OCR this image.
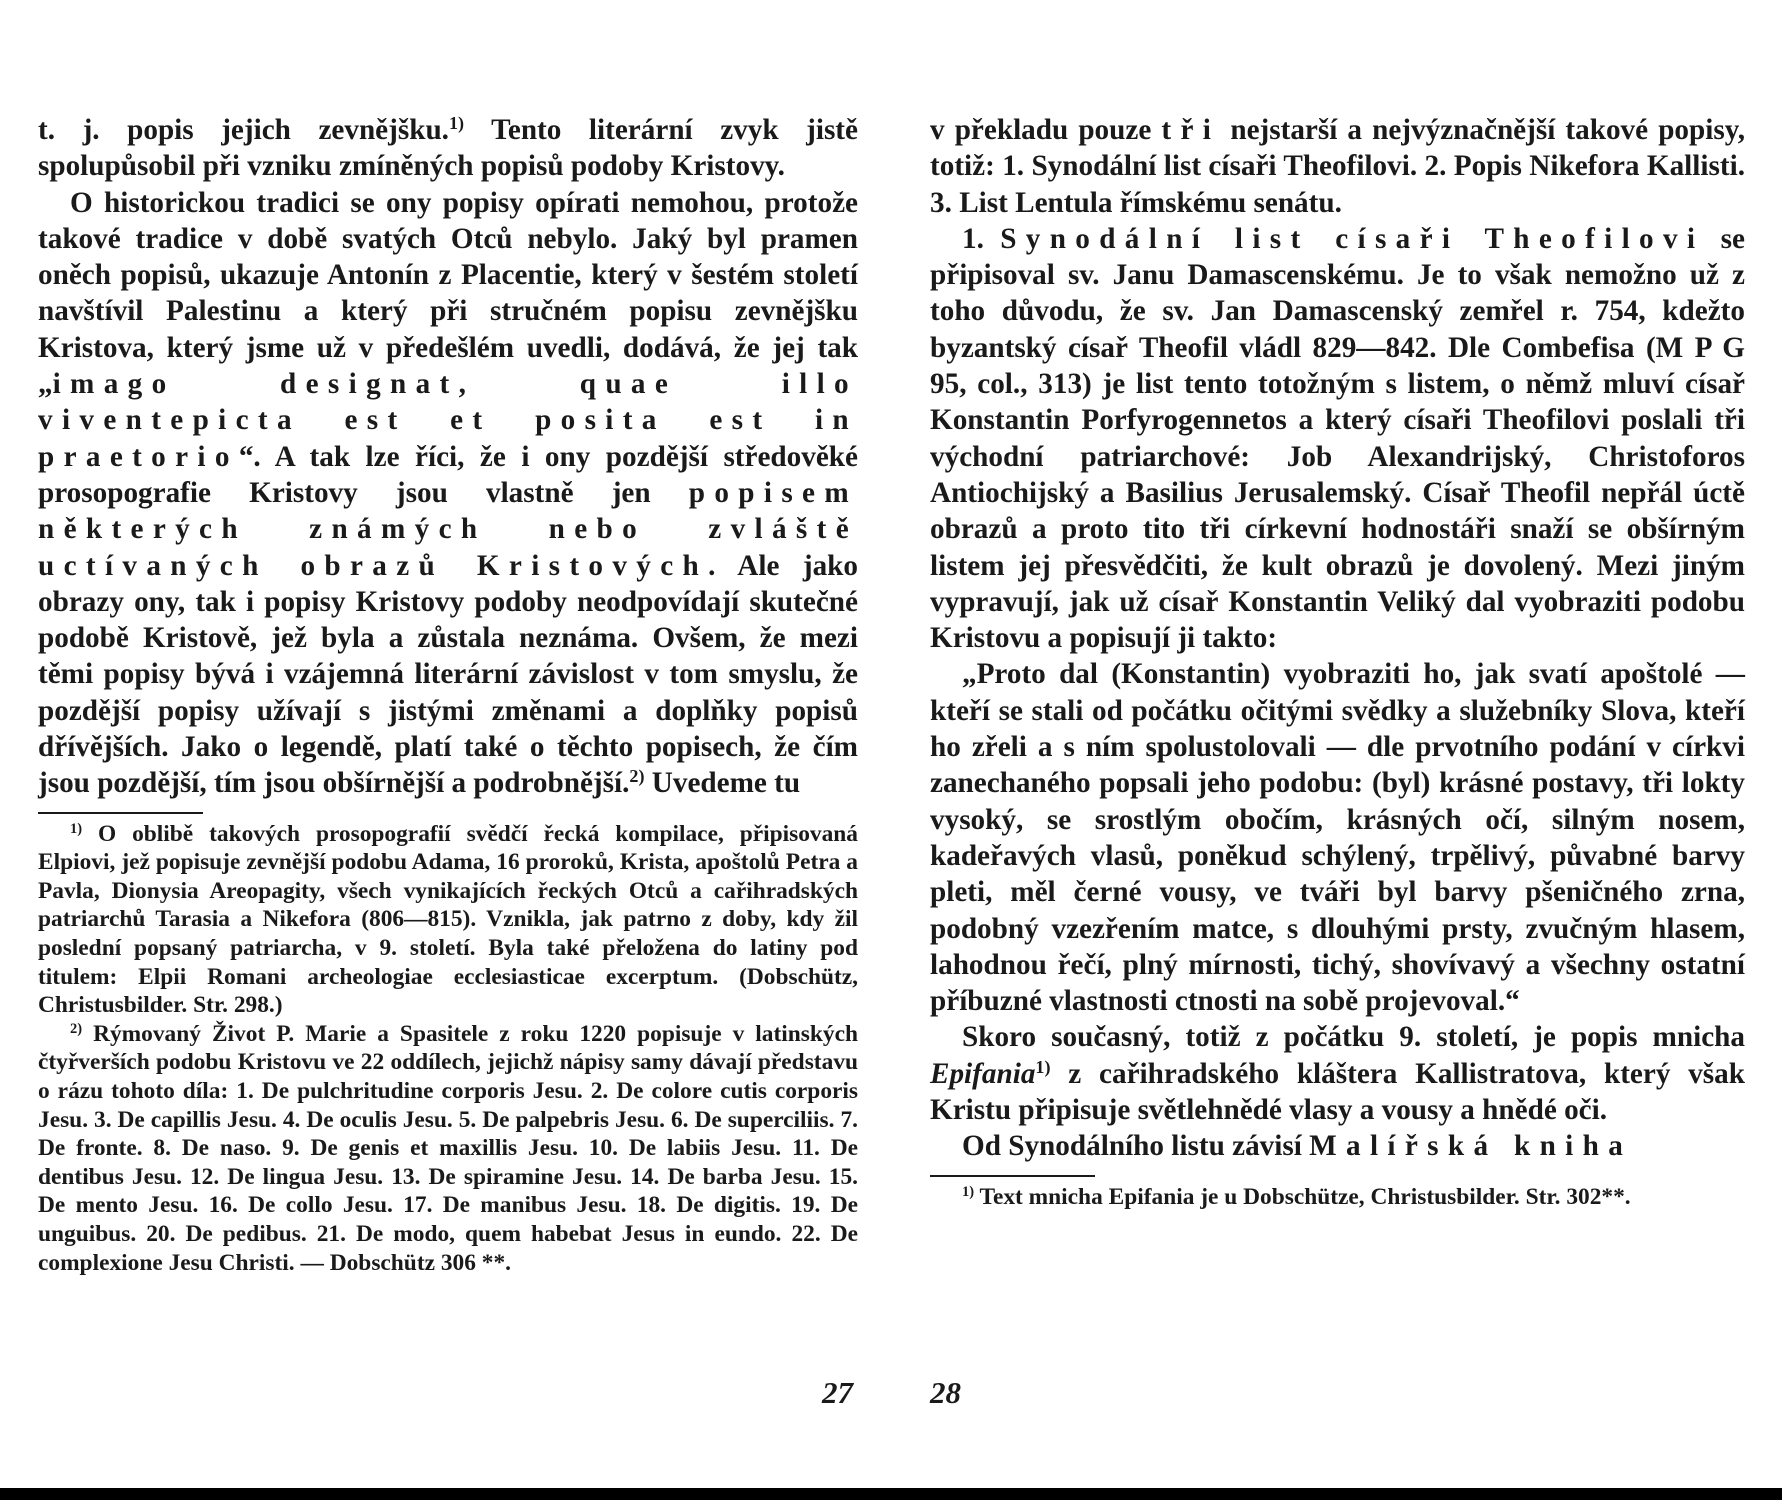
t. j. popis jejich zevnějšku.$^{1)}$ Tento literární zvyk jistě spolupůsobil při vzniku zmíněných popisů podoby Kristovy.

O historickou tradici se ony popisy opírati nemohou, protože takové tradice v době svatých Otců nebylo. Jaký byl pramen oněch popisů, ukazuje Antonín z Placentie, který v šestém století navštívil Palestinu a který při stručném popisu zevnějšku Kristova, který jsme už v předešlém uvedli, dodává, že jej tak „imago designat, quae illo viventepicta est et posita est in praetorio“. A tak lze říci, že i ony pozdější středověké prosopografie Kristovy jsou vlastně jen popisem některých známých nebo zvláště uctívaných obrazů Kristových. Ale jako obrazy ony, tak i popisy Kristovy podoby neodpovídají skutečné podobě Kristově, jež byla a zůstala neznáma. Ovšem, že mezi těmi popisy bývá i vzájemná literární závislost v tom smyslu, že pozdější popisy užívají s jistými změnami a doplňky popisů dřívějších. Jako o legendě, platí také o těchto popisech, že čím jsou pozdější, tím jsou obšírnější a podrobnější.$^{2)}$ Uvedeme tu

$^{1)}$ O oblibě takových prosopografií svědčí řecká kompilace, připisovaná Elpiovi, jež popisuje zevnější podobu Adama, 16 proroků, Krista, apoštolů Petra a Pavla, Dionysia Areopagity, všech vynikajících řeckých Otců a cařihradských patriarchů Tarasia a Nikefora (806—815). Vznikla, jak patrno z doby, kdy žil poslední popsaný patriarcha, v 9. století. Byla také přeložena do latiny pod titulem: Elpii Romani archeologiae ecclesiasticae excerptum. (Dobschütz, Christusbilder. Str. 298.)

$^{2)}$ Rýmovaný Život P. Marie a Spasitele z roku 1220 popisuje v latinských čtyřverších podobu Kristovu ve 22 oddílech, jejichž nápisy samy dávají představu o rázu tohoto díla: 1. De pulchritudine corporis Jesu. 2. De colore cutis corporis Jesu. 3. De capillis Jesu. 4. De oculis Jesu. 5. De palpebris Jesu. 6. De superciliis. 7. De fronte. 8. De naso. 9. De genis et maxillis Jesu. 10. De labiis Jesu. 11. De dentibus Jesu. 12. De lingua Jesu. 13. De spiramine Jesu. 14. De barba Jesu. 15. De mento Jesu. 16. De collo Jesu. 17. De manibus Jesu. 18. De digitis. 19. De unguibus. 20. De pedibus. 21. De modo, quem habebat Jesus in eundo. 22. De complexione Jesu Christi. — Dobschütz 306 **.

v překladu pouze tři nejstarší a nejvýznačnější takové popisy, totiž: 1. Synodální list císaři Theofilovi. 2. Popis Nikefora Kallisti. 3. List Lentula římskému senátu.

1. Synodální list císaři Theofilovi se připisoval sv. Janu Damascenskému. Je to však nemožno už z toho důvodu, že sv. Jan Damascenský zemřel r. 754, kdežto byzantský císař Theofil vládl 829—842. Dle Combefisa (M P G 95, col., 313) je list tento totožným s listem, o němž mluví císař Konstantin Porfyrogennetos a který císaři Theofilovi poslali tři východní patriarchové: Job Alexandrijský, Christoforos Antiochijský a Basilius Jerusalemský. Císař Theofil nepřál úctě obrazů a proto tito tři církevní hodnostáři snaží se obšírným listem jej přesvědčiti, že kult obrazů je dovolený. Mezi jiným vypravují, jak už císař Konstantin Veliký dal vyobraziti podobu Kristovu a popisují ji takto:

„Proto dal (Konstantin) vyobraziti ho, jak svatí apoštolé — kteří se stali od počátku očitými svědky a služebníky Slova, kteří ho zřeli a s ním spolustolovali — dle prvotního podání v církvi zanechaného popsali jeho podobu: (byl) krásné postavy, tři lokty vysoký, se srostlým obočím, krásných očí, silným nosem, kadeřavých vlasů, poněkud schýlený, trpělivý, půvabné barvy pleti, měl černé vousy, ve tváři byl barvy pšeničného zrna, podobný vzezřením matce, s dlouhými prsty, zvučným hlasem, lahodnou řečí, plný mírnosti, tichý, shovívavý a všechny ostatní příbuzné vlastnosti ctnosti na sobě projevoval.“

Skoro současný, totiž z počátku 9. století, je popis mnicha Epifania$^{1)}$ z cařihradského kláštera Kallistratova, který však Kristu připisuje světlehnědé vlasy a vousy a hnědé oči.

Od Synodálního listu závisí Malířská kniha

$^{1)}$ Text mnicha Epifania je u Dobschütze, Christusbilder. Str. 302**.

27 28
